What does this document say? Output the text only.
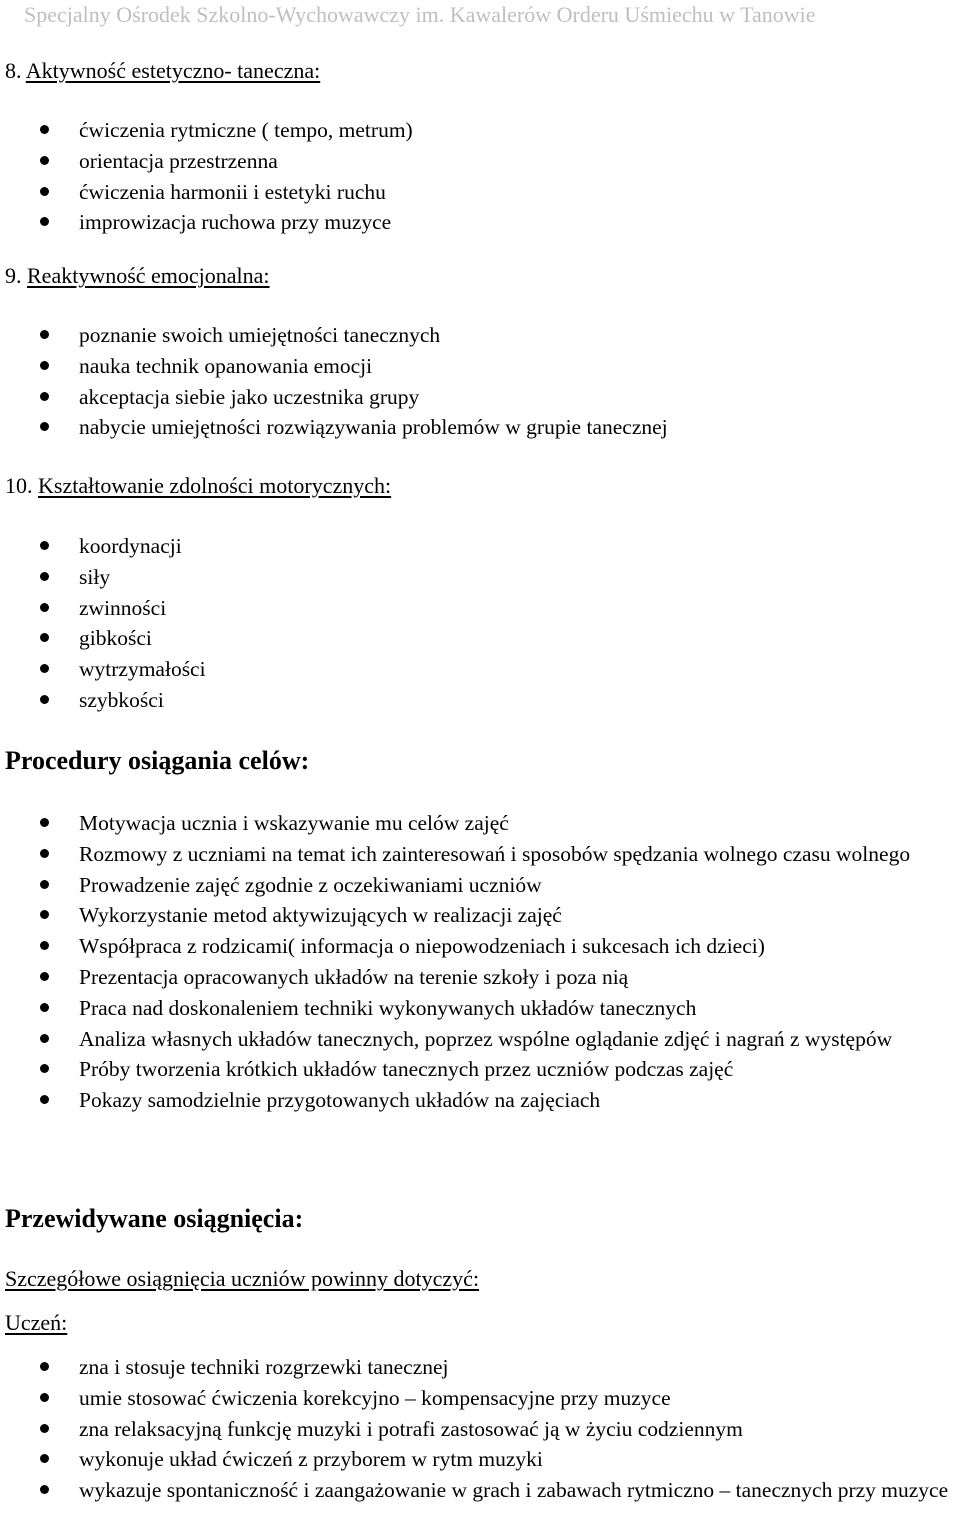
Specjalny Ośrodek Szkolno-Wychowawczy im. Kawalerów Orderu Uśmiechu w Tanowie
8. Aktywność estetyczno- taneczna:
ćwiczenia rytmiczne ( tempo, metrum)
orientacja przestrzenna
ćwiczenia harmonii i estetyki ruchu
improwizacja ruchowa przy muzyce
9. Reaktywność emocjonalna:
poznanie swoich umiejętności tanecznych
nauka technik opanowania emocji
akceptacja siebie jako uczestnika grupy
nabycie umiejętności rozwiązywania problemów w grupie tanecznej
10. Kształtowanie zdolności motorycznych:
koordynacji
siły
zwinności
gibkości
wytrzymałości
szybkości
Procedury osiągania celów:
Motywacja ucznia i wskazywanie mu celów zajęć
Rozmowy z uczniami na temat ich zainteresowań i sposobów spędzania wolnego czasu wolnego
Prowadzenie zajęć zgodnie z oczekiwaniami uczniów
Wykorzystanie metod aktywizujących w realizacji zajęć
Współpraca z rodzicami( informacja o niepowodzeniach i sukcesach ich dzieci)
Prezentacja opracowanych układów na terenie szkoły i poza nią
Praca nad doskonaleniem techniki wykonywanych układów tanecznych
Analiza własnych układów tanecznych, poprzez wspólne oglądanie zdjęć i nagrań z występów
Próby tworzenia krótkich układów tanecznych przez uczniów podczas zajęć
Pokazy samodzielnie przygotowanych układów na zajęciach
Przewidywane osiągnięcia:
Szczegółowe osiągnięcia uczniów powinny dotyczyć:
Uczeń:
zna i stosuje techniki rozgrzewki tanecznej
umie stosować ćwiczenia korekcyjno – kompensacyjne przy muzyce
zna relaksacyjną funkcję muzyki i potrafi zastosować ją w życiu codziennym
wykonuje układ ćwiczeń z przyborem w rytm muzyki
wykazuje spontaniczność i zaangażowanie w grach i zabawach rytmiczno – tanecznych przy muzyce
